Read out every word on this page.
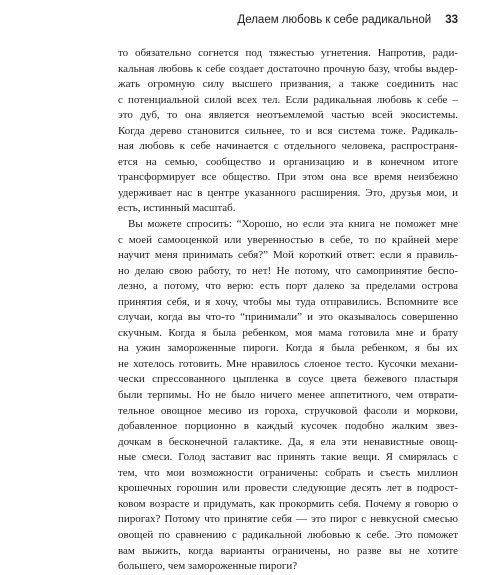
Делаем любовь к себе радикальной 33
то обязательно согнется под тяжестью угнетения. Напротив, ради-
кальная любовь к себе создает достаточно прочную базу, чтобы выдер-
жать огромную силу высшего призвания, а также соединить нас
с потенциальной силой всех тел. Если радикальная любовь к себе –
это дуб, то она является неотъемлемой частью всей экосистемы.
Когда дерево становится сильнее, то и вся система тоже. Радикаль-
ная любовь к себе начинается с отдельного человека, распространя-
ется на семью, сообщество и организацию и в конечном итоге
трансформирует все общество. При этом она все время неизбежно
удерживает нас в центре указанного расширения. Это, друзья мои, и
есть, истинный масштаб.
Вы можете спросить: “Хорошо, но если эта книга не поможет мне
с моей самооценкой или уверенностью в себе, то по крайней мере
научит меня принимать себя?” Мой короткий ответ: если я правиль-
но делаю свою работу, то нет! Не потому, что самопринятие беспо-
лезно, а потому, что верю: есть порт далеко за пределами острова
принятия себя, и я хочу, чтобы мы туда отправились. Вспомните все
случаи, когда вы что-то “принимали” и это оказывалось совершенно
скучным. Когда я была ребенком, моя мама готовила мне и брату
на ужин замороженные пироги. Когда я была ребенком, я бы их
не хотелось готовить. Мне нравилось слоеное тесто. Кусочки механи-
чески спрессованного цыпленка в соусе цвета бежевого пластыря
были терпимы. Но не было ничего менее аппетитного, чем отврати-
тельное овощное месиво из гороха, стручковой фасоли и моркови,
добавленное порционно в каждый кусочек подобно жалким звез-
дочкам в бесконечной галактике. Да, я ела эти ненавистные овощ-
ные смеси. Голод заставит вас принять такие вещи. Я смирялась с
тем, что мои возможности ограничены: собрать и съесть миллион
крошечных горошин или провести следующие десять лет в подрост-
ковом возрасте и придумать, как прокормить себя. Почему я говорю о
пирогах? Потому что принятие себя — это пирог с невкусной смесью
овощей по сравнению с радикальной любовью к себе. Это поможет
вам выжить, когда варианты ограничены, но разве вы не хотите
большего, чем замороженные пироги?
